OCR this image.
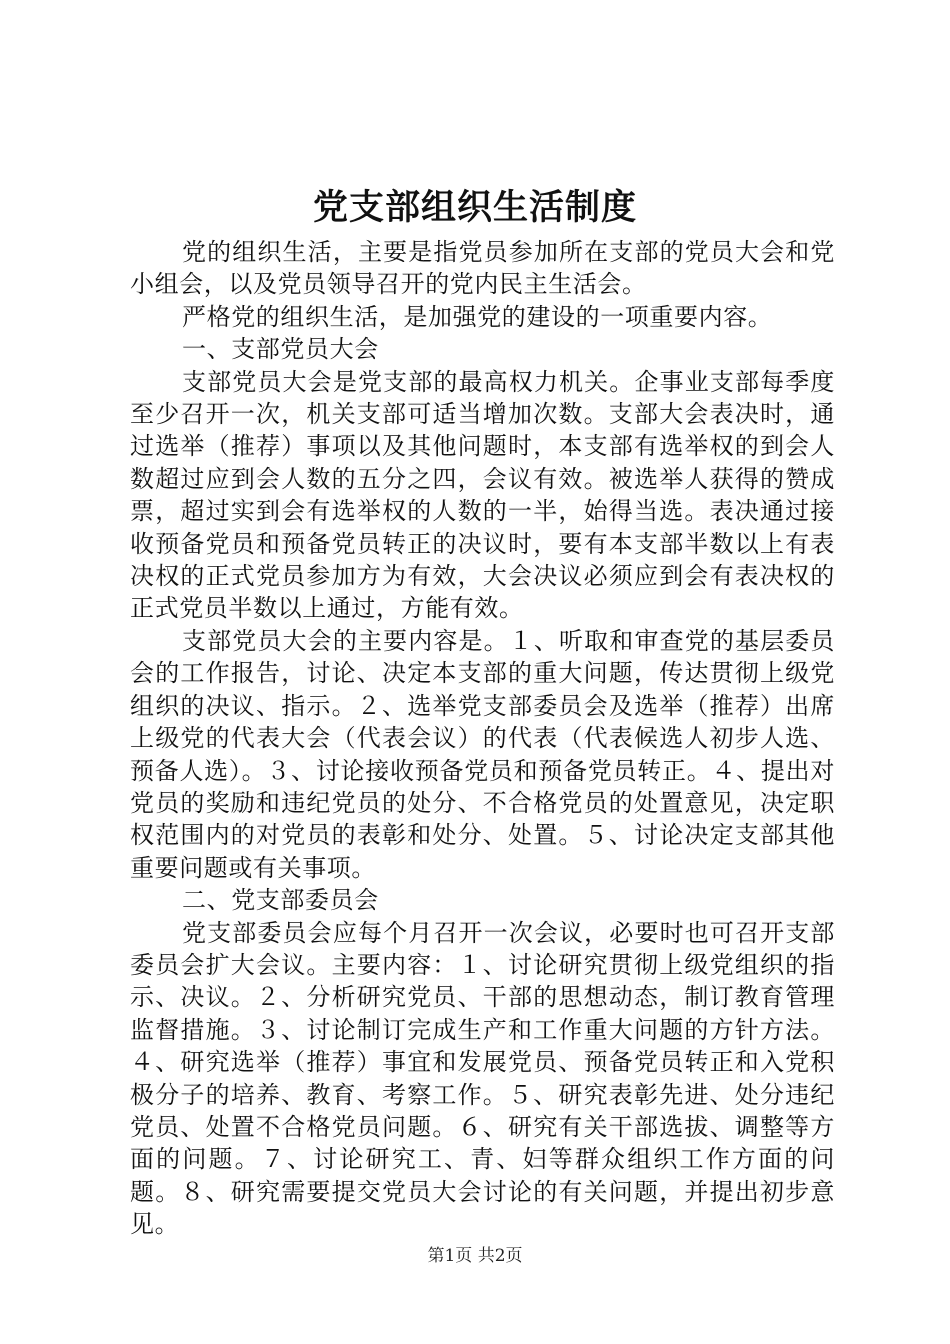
党支部组织生活制度

党的组织生活，主要是指党员参加所在支部的党员大会和党小组会，以及党员领导召开的党内民主生活会。

严格党的组织生活，是加强党的建设的一项重要内容。

一、支部党员大会

支部党员大会是党支部的最高权力机关。企事业支部每季度至少召开一次，机关支部可适当增加次数。支部大会表决时，通过选举（推荐）事项以及其他问题时，本支部有选举权的到会人数超过应到会人数的五分之四，会议有效。被选举人获得的赞成票，超过实到会有选举权的人数的一半，始得当选。表决通过接收预备党员和预备党员转正的决议时，要有本支部半数以上有表决权的正式党员参加方为有效，大会决议必须应到会有表决权的正式党员半数以上通过，方能有效。

支部党员大会的主要内容是。１、听取和审查党的基层委员会的工作报告，讨论、决定本支部的重大问题，传达贯彻上级党组织的决议、指示。２、选举党支部委员会及选举（推荐）出席上级党的代表大会（代表会议）的代表（代表候选人初步人选、预备人选）。３、讨论接收预备党员和预备党员转正。４、提出对党员的奖励和违纪党员的处分、不合格党员的处置意见，决定职权范围内的对党员的表彰和处分、处置。５、讨论决定支部其他重要问题或有关事项。

二、党支部委员会

党支部委员会应每个月召开一次会议，必要时也可召开支部委员会扩大会议。主要内容：１、讨论研究贯彻上级党组织的指示、决议。２、分析研究党员、干部的思想动态，制订教育管理监督措施。３、讨论制订完成生产和工作重大问题的方针方法。４、研究选举（推荐）事宜和发展党员、预备党员转正和入党积极分子的培养、教育、考察工作。５、研究表彰先进、处分违纪党员、处置不合格党员问题。６、研究有关干部选拔、调整等方面的问题。７、讨论研究工、青、妇等群众组织工作方面的问题。８、研究需要提交党员大会讨论的有关问题，并提出初步意见。

第1页 共2页
